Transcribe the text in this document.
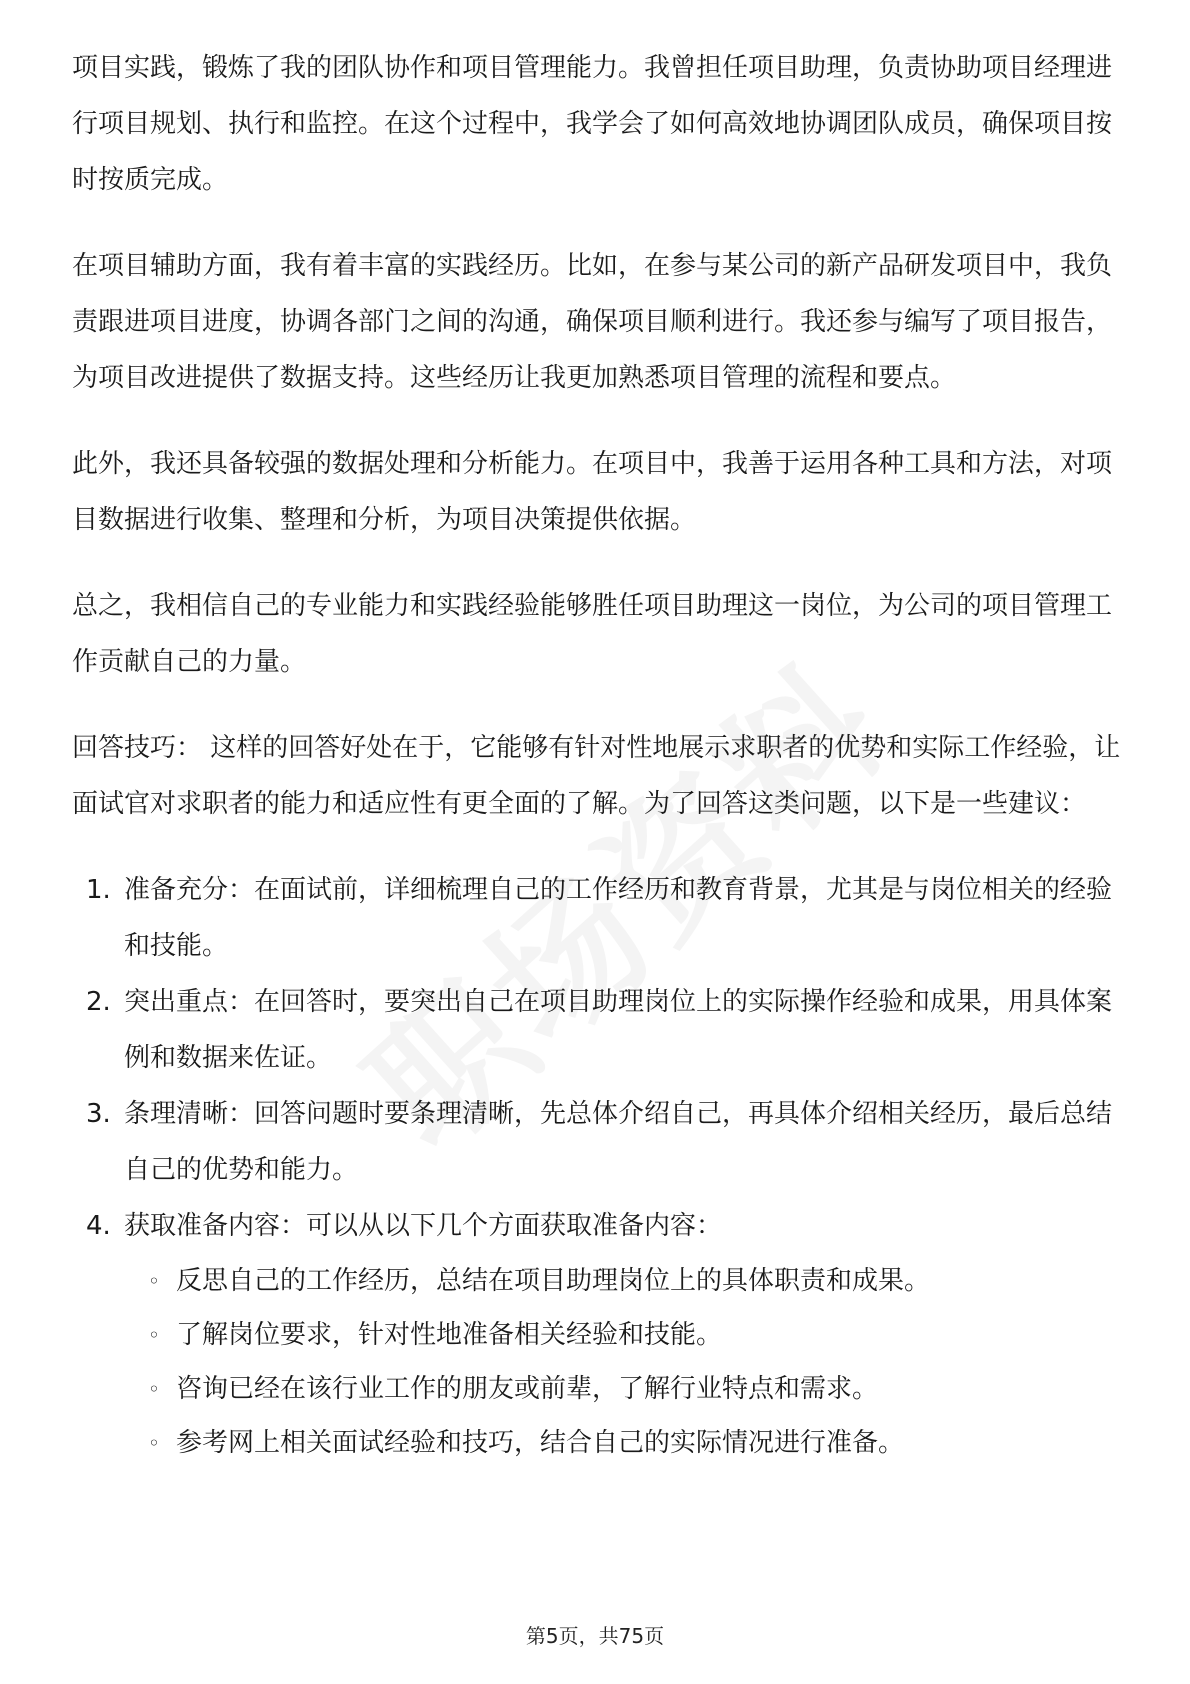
项目实践，锻炼了我的团队协作和项目管理能力。我曾担任项目助理，负责协助项目经理进行项目规划、执行和监控。在这个过程中，我学会了如何高效地协调团队成员，确保项目按时按质完成。

在项目辅助方面，我有着丰富的实践经历。比如，在参与某公司的新产品研发项目中，我负责跟进项目进度，协调各部门之间的沟通，确保项目顺利进行。我还参与编写了项目报告，为项目改进提供了数据支持。这些经历让我更加熟悉项目管理的流程和要点。

此外，我还具备较强的数据处理和分析能力。在项目中，我善于运用各种工具和方法，对项目数据进行收集、整理和分析，为项目决策提供依据。

总之，我相信自己的专业能力和实践经验能够胜任项目助理这一岗位，为公司的项目管理工作贡献自己的力量。

回答技巧： 这样的回答好处在于，它能够有针对性地展示求职者的优势和实际工作经验，让面试官对求职者的能力和适应性有更全面的了解。为了回答这类问题，以下是一些建议：

1. 准备充分：在面试前，详细梳理自己的工作经历和教育背景，尤其是与岗位相关的经验和技能。
2. 突出重点：在回答时，要突出自己在项目助理岗位上的实际操作经验和成果，用具体案例和数据来佐证。
3. 条理清晰：回答问题时要条理清晰，先总体介绍自己，再具体介绍相关经历，最后总结自己的优势和能力。
4. 获取准备内容：可以从以下几个方面获取准备内容：
◦ 反思自己的工作经历，总结在项目助理岗位上的具体职责和成果。
◦ 了解岗位要求，针对性地准备相关经验和技能。
◦ 咨询已经在该行业工作的朋友或前辈，了解行业特点和需求。
◦ 参考网上相关面试经验和技巧，结合自己的实际情况进行准备。
第5页，共75页
